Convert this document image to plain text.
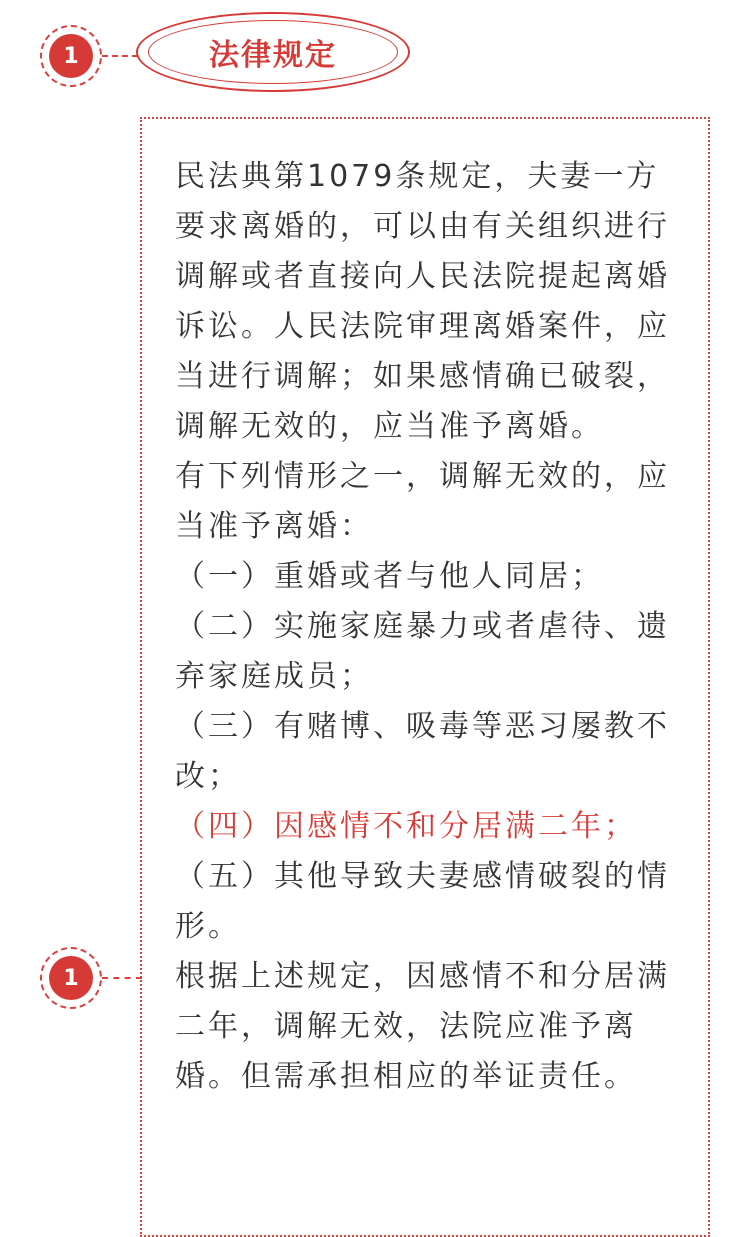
1	法律规定
1

民法典第1079条规定，夫妻一方要求离婚的，可以由有关组织进行调解或者直接向人民法院提起离婚诉讼。人民法院审理离婚案件，应当进行调解；如果感情确已破裂，调解无效的，应当准予离婚。

有下列情形之一，调解无效的，应当准予离婚：

（一）重婚或者与他人同居；

（二）实施家庭暴力或者虐待、遗弃家庭成员；

（三）有赌博、吸毒等恶习屡教不改；

（四）因感情不和分居满二年；

（五）其他导致夫妻感情破裂的情形。

根据上述规定，因感情不和分居满二年，调解无效，法院应准予离婚。但需承担相应的举证责任。
